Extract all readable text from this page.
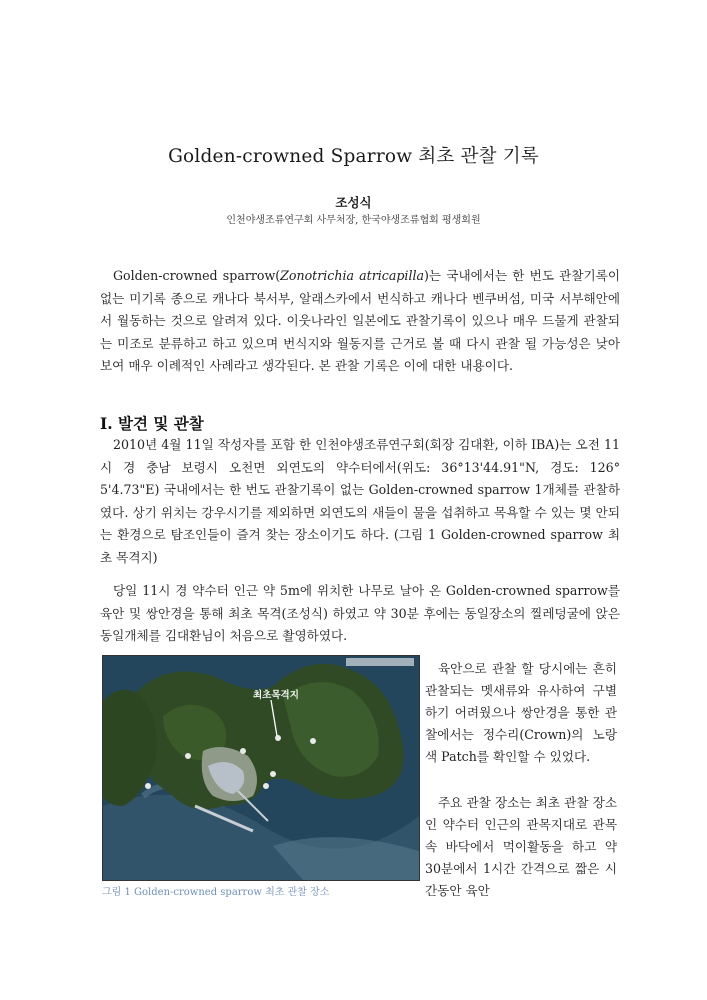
Golden-crowned Sparrow 최초 관찰 기록
조성식
인천야생조류연구회 사무처장, 한국야생조류협회 평생회원

Golden-crowned sparrow(Zonotrichia atricapilla)는 국내에서는 한 번도 관찰기록이 없는 미기록 종으로 캐나다 북서부, 알래스카에서 번식하고 캐나다 벤쿠버섬, 미국 서부해안에서 월동하는 것으로 알려져 있다. 이웃나라인 일본에도 관찰기록이 있으나 매우 드물게 관찰되는 미조로 분류하고 하고 있으며 번식지와 월동지를 근거로 볼 때 다시 관찰 될 가능성은 낮아 보여 매우 이례적인 사례라고 생각된다. 본 관찰 기록은 이에 대한 내용이다.

I. 발견 및 관찰

2010년 4월 11일 작성자를 포함 한 인천야생조류연구회(회장 김대환, 이하 IBA)는 오전 11시 경 충남 보령시 오천면 외연도의 약수터에서(위도: 36°13'44.91"N, 경도: 126° 5'4.73"E) 국내에서는 한 번도 관찰기록이 없는 Golden-crowned sparrow 1개체를 관찰하였다. 상기 위치는 강우시기를 제외하면 외연도의 새들이 물을 섭취하고 목욕할 수 있는 몇 안되는 환경으로 탐조인들이 즐겨 찾는 장소이기도 하다. (그림 1 Golden-crowned sparrow 최초 목격지)

당일 11시 경 약수터 인근 약 5m에 위치한 나무로 날아 온 Golden-crowned sparrow를 육안 및 쌍안경을 통해 최초 목격(조성식) 하였고 약 30분 후에는 동일장소의 찔레덩굴에 앉은 동일개체를 김대환님이 처음으로 촬영하였다.

최초목격지
그림 1 Golden-crowned sparrow 최초 관찰 장소

육안으로 관찰 할 당시에는 흔히 관찰되는 멧새류와 유사하여 구별하기 어려웠으나 쌍안경을 통한 관찰에서는 정수리(Crown)의 노랑색 Patch를 확인할 수 있었다.

주요 관찰 장소는 최초 관찰 장소인 약수터 인근의 관목지대로 관목 속 바닥에서 먹이활동을 하고 약 30분에서 1시간 간격으로 짧은 시간동안 육안
